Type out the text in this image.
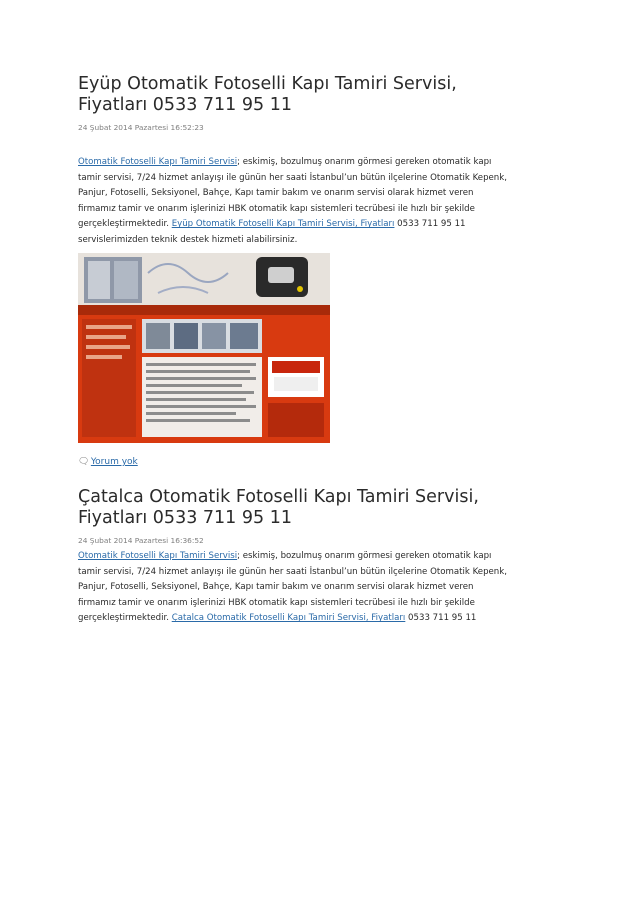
Eyüp Otomatik Fotoselli Kapı Tamiri Servisi,
Fiyatları 0533 711 95 11
24 Şubat 2014 Pazartesi 16:52:23
Otomatik Fotoselli Kapı Tamiri Servisi; eskimiş, bozulmuş onarım görmesi gereken otomatik kapı
tamir servisi, 7/24 hizmet anlayışı ile günün her saati İstanbul’un bütün ilçelerine Otomatik Kepenk,
Panjur, Fotoselli, Seksiyonel, Bahçe, Kapı tamir bakım ve onarım servisi olarak hizmet veren
firmamız tamir ve onarım işlerinizi HBK otomatik kapı sistemleri tecrübesi ile hızlı bir şekilde
gerçekleştirmektedir. Eyüp Otomatik Fotoselli Kapı Tamiri Servisi, Fiyatları 0533 711 95 11
servislerimizden teknik destek hizmeti alabilirsiniz.
🗨 Yorum yok
Çatalca Otomatik Fotoselli Kapı Tamiri Servisi,
Fiyatları 0533 711 95 11
24 Şubat 2014 Pazartesi 16:36:52
Otomatik Fotoselli Kapı Tamiri Servisi; eskimiş, bozulmuş onarım görmesi gereken otomatik kapı
tamir servisi, 7/24 hizmet anlayışı ile günün her saati İstanbul’un bütün ilçelerine Otomatik Kepenk,
Panjur, Fotoselli, Seksiyonel, Bahçe, Kapı tamir bakım ve onarım servisi olarak hizmet veren
firmamız tamir ve onarım işlerinizi HBK otomatik kapı sistemleri tecrübesi ile hızlı bir şekilde
gerçekleştirmektedir. Çatalca Otomatik Fotoselli Kapı Tamiri Servisi, Fiyatları 0533 711 95 11
